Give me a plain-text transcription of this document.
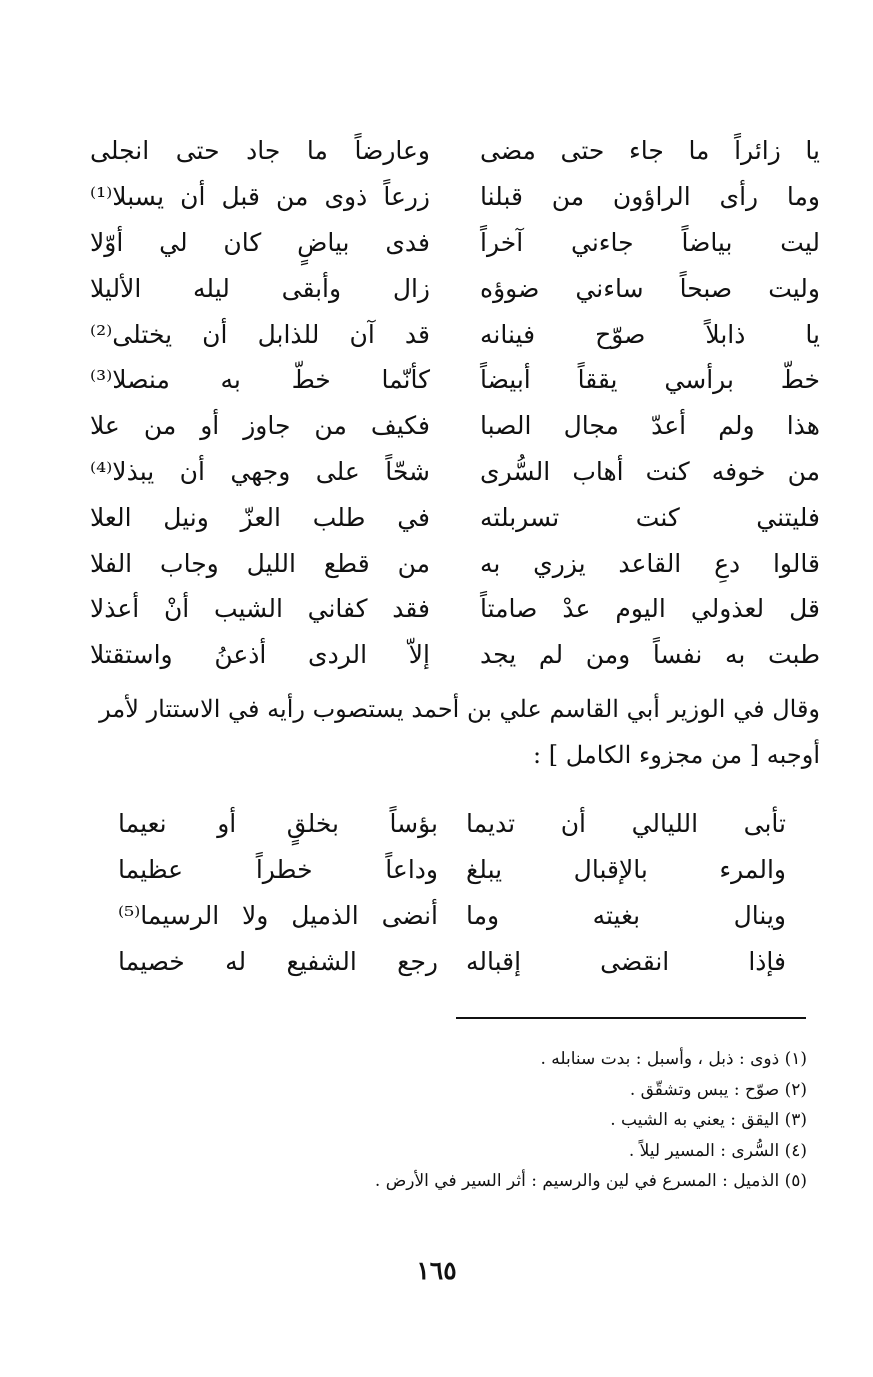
يا زائراً ما جاء حتى مضى
وعارضاً ما جاد حتى انجلى
وما رأى الراؤون من قبلنا
زرعاً ذوى من قبل أن يسبلا⁽¹⁾
ليت بياضاً جاءني آخراً
فدى بياضٍ كان لي أوّلا
وليت صبحاً ساءني ضوؤه
زال وأبقى ليله الأليلا
يا ذابلاً صوّح فينانه
قد آن للذابل أن يختلى⁽²⁾
خطّ برأسي يققاً أبيضاً
كأنّما خطّ به منصلا⁽³⁾
هذا ولم أعدّ مجال الصبا
فكيف من جاوز أو من علا
من خوفه كنت أهاب السُّرى
شحّاً على وجهي أن يبذلا⁽⁴⁾
فليتني كنت تسربلته
في طلب العزّ ونيل العلا
قالوا دعِ القاعد يزري به
من قطع الليل وجاب الفلا
قل لعذولي اليوم عدْ صامتاً
فقد كفاني الشيب أنْ أعذلا
طبت به نفساً ومن لم يجد
إلاّ الردى أذعنُ واستقتلا
وقال في الوزير أبي القاسم علي بن أحمد يستصوب رأيه في الاستتار لأمر أوجبه [ من مجزوء الكامل ] :
تأبى الليالي أن تديما
بؤساً بخلقٍ أو نعيما
والمرء بالإقبال يبلغ
وداعاً خطراً عظيما
وينال بغيته وما
أنضى الذميل ولا الرسيما⁽⁵⁾
فإذا انقضى إقباله
رجع الشفيع له خصيما
(١) ذوى : ذبل ، وأسبل : بدت سنابله .
(٢) صوّح : يبس وتشقّق .
(٣) اليقق : يعني به الشيب .
(٤) السُّرى : المسير ليلاً .
(٥) الذميل : المسرع في لين والرسيم : أثر السير في الأرض .
١٦٥
